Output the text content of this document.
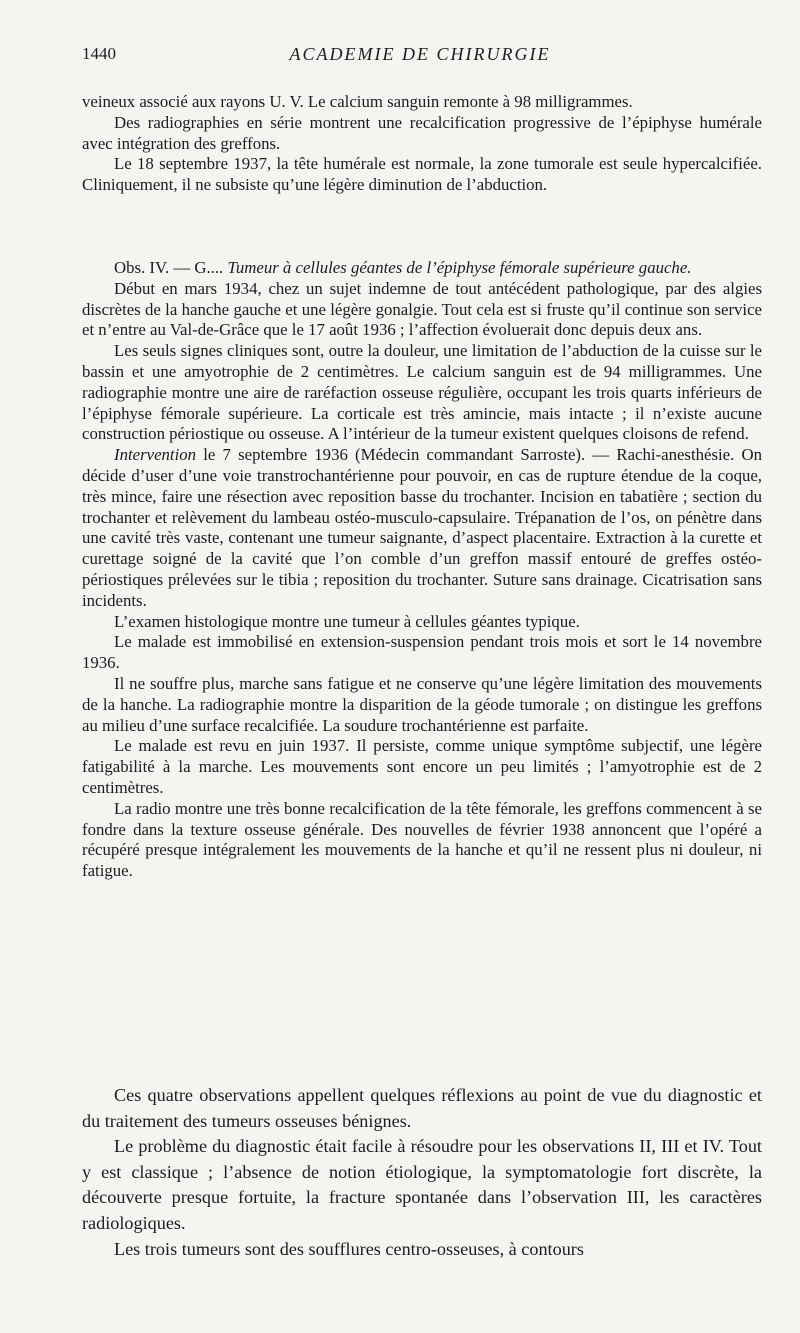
1440	ACADEMIE DE CHIRURGIE

veineux associé aux rayons U. V. Le calcium sanguin remonte à 98 milligrammes.

Des radiographies en série montrent une recalcification progressive de l’épiphyse humérale avec intégration des greffons.

Le 18 septembre 1937, la tête humérale est normale, la zone tumorale est seule hypercalcifiée. Cliniquement, il ne subsiste qu’une légère diminution de l’abduction.

Obs. IV. — G.... Tumeur à cellules géantes de l’épiphyse fémorale supérieure gauche.

Début en mars 1934, chez un sujet indemne de tout antécédent pathologique, par des algies discrètes de la hanche gauche et une légère gonalgie. Tout cela est si fruste qu’il continue son service et n’entre au Val-de-Grâce que le 17 août 1936 ; l’affection évoluerait donc depuis deux ans.

Les seuls signes cliniques sont, outre la douleur, une limitation de l’abduction de la cuisse sur le bassin et une amyotrophie de 2 centimètres. Le calcium sanguin est de 94 milligrammes. Une radiographie montre une aire de raréfaction osseuse régulière, occupant les trois quarts inférieurs de l’épiphyse fémorale supérieure. La corticale est très amincie, mais intacte ; il n’existe aucune construction périostique ou osseuse. A l’intérieur de la tumeur existent quelques cloisons de refend.

Intervention le 7 septembre 1936 (Médecin commandant Sarroste). — Rachi-anesthésie. On décide d’user d’une voie transtrochantérienne pour pouvoir, en cas de rupture étendue de la coque, très mince, faire une résection avec reposition basse du trochanter. Incision en tabatière ; section du trochanter et relèvement du lambeau ostéo-musculo-capsulaire. Trépanation de l’os, on pénètre dans une cavité très vaste, contenant une tumeur saignante, d’aspect placentaire. Extraction à la curette et curettage soigné de la cavité que l’on comble d’un greffon massif entouré de greffes ostéo-périostiques prélevées sur le tibia ; reposition du trochanter. Suture sans drainage. Cicatrisation sans incidents.

L’examen histologique montre une tumeur à cellules géantes typique.

Le malade est immobilisé en extension-suspension pendant trois mois et sort le 14 novembre 1936.

Il ne souffre plus, marche sans fatigue et ne conserve qu’une légère limitation des mouvements de la hanche. La radiographie montre la disparition de la géode tumorale ; on distingue les greffons au milieu d’une surface recalcifiée. La soudure trochantérienne est parfaite.

Le malade est revu en juin 1937. Il persiste, comme unique symptôme subjectif, une légère fatigabilité à la marche. Les mouvements sont encore un peu limités ; l’amyotrophie est de 2 centimètres.

La radio montre une très bonne recalcification de la tête fémorale, les greffons commencent à se fondre dans la texture osseuse générale. Des nouvelles de février 1938 annoncent que l’opéré a récupéré presque intégralement les mouvements de la hanche et qu’il ne ressent plus ni douleur, ni fatigue.

Ces quatre observations appellent quelques réflexions au point de vue du diagnostic et du traitement des tumeurs osseuses bénignes.

Le problème du diagnostic était facile à résoudre pour les observations II, III et IV. Tout y est classique ; l’absence de notion étiologique, la symptomatologie fort discrète, la découverte presque fortuite, la fracture spontanée dans l’observation III, les caractères radiologiques.

Les trois tumeurs sont des soufflures centro-osseuses, à contours
